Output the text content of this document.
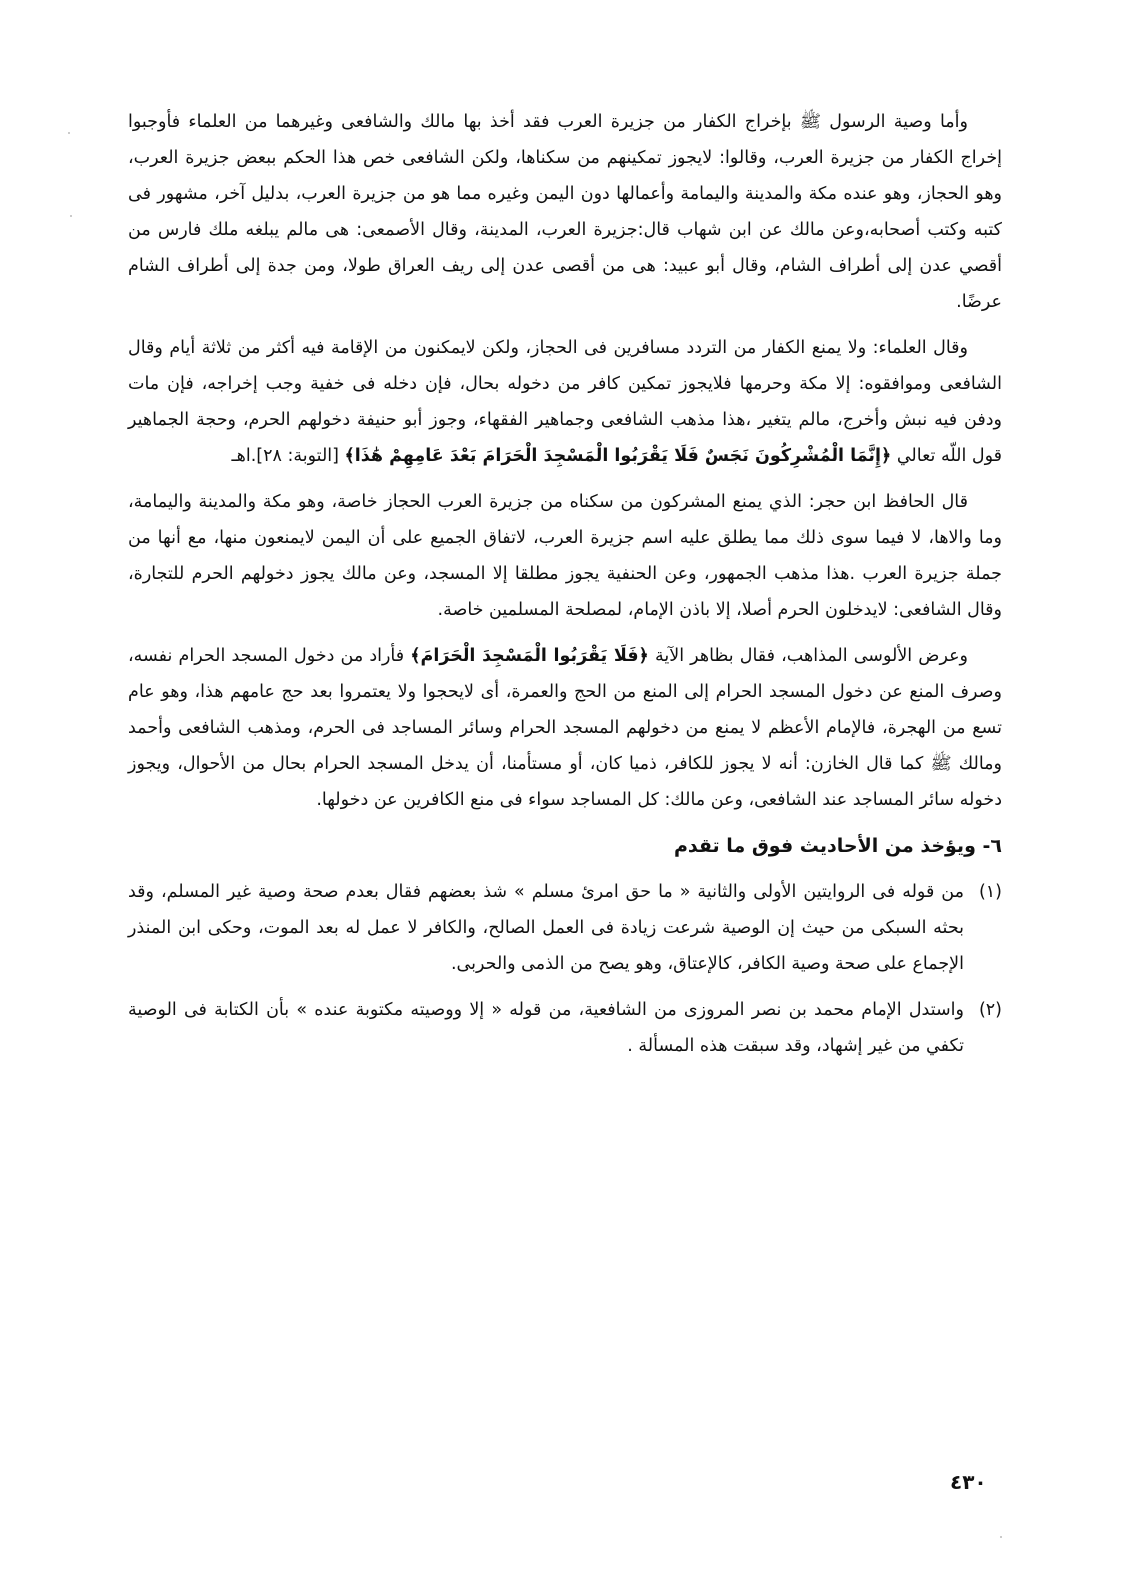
وأما وصية الرسول ﷺ بإخراج الكفار من جزيرة العرب فقد أخذ بها مالك والشافعى وغيرهما من العلماء فأوجبوا إخراج الكفار من جزيرة العرب، وقالوا: لايجوز تمكينهم من سكناها، ولكن الشافعى خص هذا الحكم ببعض جزيرة العرب، وهو الحجاز، وهو عنده مكة والمدينة واليمامة وأعمالها دون اليمن وغيره مما هو من جزيرة العرب، بدليل آخر، مشهور فى كتبه وكتب أصحابه،وعن مالك عن ابن شهاب قال:جزيرة العرب، المدينة، وقال الأصمعى: هى مالم يبلغه ملك فارس من أقصي عدن إلى أطراف الشام، وقال أبو عبيد: هى من أقصى عدن إلى ريف العراق طولا، ومن جدة إلى أطراف الشام عرضًا.

وقال العلماء: ولا يمنع الكفار من التردد مسافرين فى الحجاز، ولكن لايمكنون من الإقامة فيه أكثر من ثلاثة أيام وقال الشافعى وموافقوه: إلا مكة وحرمها فلايجوز تمكين كافر من دخوله بحال، فإن دخله فى خفية وجب إخراجه، فإن مات ودفن فيه نبش وأخرج، مالم يتغير ،هذا مذهب الشافعى وجماهير الفقهاء، وجوز أبو حنيفة دخولهم الحرم، وحجة الجماهير قول اللّه تعالي ﴿إِنَّمَا الْمُشْرِكُونَ نَجَسٌ فَلَا يَقْرَبُوا الْمَسْجِدَ الْحَرَامَ بَعْدَ عَامِهِمْ هَٰذَا﴾ [التوبة: ٢٨].اهـ

قال الحافظ ابن حجر: الذي يمنع المشركون من سكناه من جزيرة العرب الحجاز خاصة، وهو مكة والمدينة واليمامة، وما والاها، لا فيما سوى ذلك مما يطلق عليه اسم جزيرة العرب، لاتفاق الجميع على أن اليمن لايمنعون منها، مع أنها من جملة جزيرة العرب .هذا مذهب الجمهور، وعن الحنفية يجوز مطلقا إلا المسجد، وعن مالك يجوز دخولهم الحرم للتجارة، وقال الشافعى: لايدخلون الحرم أصلا، إلا باذن الإمام، لمصلحة المسلمين خاصة.

وعرض الألوسى المذاهب، فقال بظاهر الآية ﴿فَلَا يَقْرَبُوا الْمَسْجِدَ الْحَرَامَ﴾ فأراد من دخول المسجد الحرام نفسه، وصرف المنع عن دخول المسجد الحرام إلى المنع من الحج والعمرة، أى لايحجوا ولا يعتمروا بعد حج عامهم هذا، وهو عام تسع من الهجرة، فالإمام الأعظم لا يمنع من دخولهم المسجد الحرام وسائر المساجد فى الحرم، ومذهب الشافعى وأحمد ومالك ﷺ كما قال الخازن: أنه لا يجوز للكافر، ذميا كان، أو مستأمنا، أن يدخل المسجد الحرام بحال من الأحوال، ويجوز دخوله سائر المساجد عند الشافعى، وعن مالك: كل المساجد سواء فى منع الكافرين عن دخولها.

٦- ويؤخذ من الأحاديث فوق ما تقدم
(١)
من قوله فى الروايتين الأولى والثانية « ما حق امرئ مسلم » شذ بعضهم فقال بعدم صحة وصية غير المسلم، وقد بحثه السبكى من حيث إن الوصية شرعت زيادة فى العمل الصالح، والكافر لا عمل له بعد الموت، وحكى ابن المنذر الإجماع على صحة وصية الكافر، كالإعتاق، وهو يصح من الذمى والحربى.
(٢)
واستدل الإمام محمد بن نصر المروزى من الشافعية، من قوله « إلا ووصيته مكتوبة عنده » بأن الكتابة فى الوصية تكفي من غير إشهاد، وقد سبقت هذه المسألة .
٤٣٠
